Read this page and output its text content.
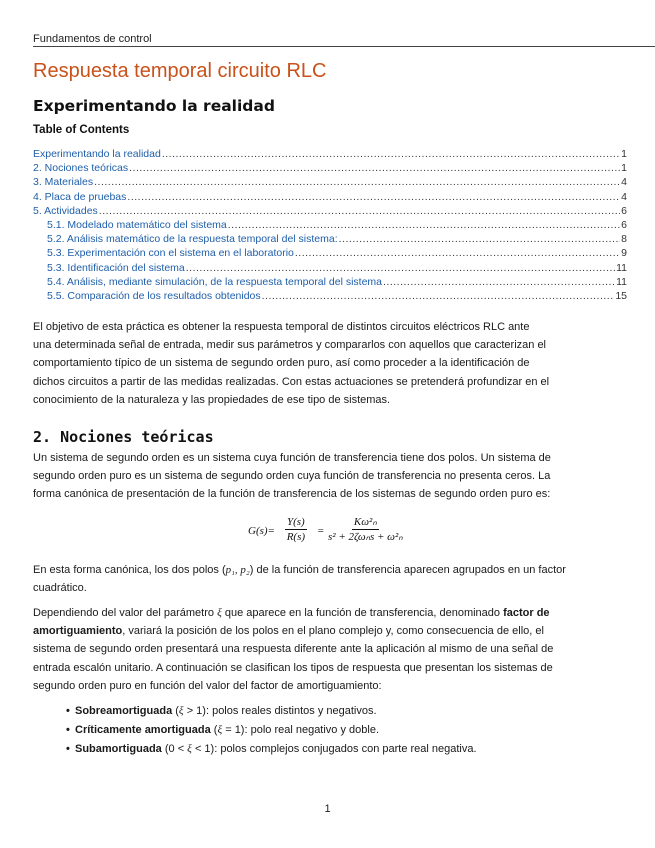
Fundamentos de control
Respuesta temporal circuito RLC
Experimentando la realidad
Table of Contents
Experimentando la realidad .....	1
2. Nociones teóricas .....	1
3. Materiales .....	4
4. Placa de pruebas .....	4
5. Actividades .....	6
5.1. Modelado matemático del sistema .....	6
5.2. Análisis matemático de la respuesta temporal del sistema: .....	8
5.3. Experimentación con el sistema en el laboratorio .....	9
5.3. Identificación del sistema .....	11
5.4. Análisis, mediante simulación, de la respuesta temporal del sistema .....	11
5.5. Comparación de los resultados obtenidos .....	15

El objetivo de esta práctica es obtener la respuesta temporal de distintos circuitos eléctricos RLC ante
una determinada señal de entrada, medir sus parámetros y compararlos con aquellos que caracterizan el
comportamiento típico de un sistema de segundo orden puro, así como proceder a la identificación de
dichos circuitos a partir de las medidas realizadas. Con estas actuaciones se pretenderá profundizar en el
conocimiento de la naturaleza y las propiedades de ese tipo de sistemas.

2. Nociones teóricas

Un sistema de segundo orden es un sistema cuya función de transferencia tiene dos polos. Un sistema de
segundo orden puro es un sistema de segundo orden cuya función de transferencia no presenta ceros. La
forma canónica de presentación de la función de transferencia de los sistemas de segundo orden puro es:

$G(s)= \frac{Y(s)}{R(s)}$ =
Kω²ₙ
s² + 2ζωₙs + ω²ₙ

En esta forma canónica, los dos polos (p₁, p₂) de la función de transferencia aparecen agrupados en un factor
cuadrático.

Dependiendo del valor del parámetro ξ que aparece en la función de transferencia, denominado factor de
amortiguamiento, variará la posición de los polos en el plano complejo y, como consecuencia de ello, el
sistema de segundo orden presentará una respuesta diferente ante la aplicación al mismo de una señal de
entrada escalón unitario. A continuación se clasifican los tipos de respuesta que presentan los sistemas de
segundo orden puro en función del valor del factor de amortiguamiento:

• Sobreamortiguada (ξ > 1): polos reales distintos y negativos.
• Críticamente amortiguada (ξ = 1): polo real negativo y doble.
• Subamortiguada (0 < ξ < 1): polos complejos conjugados con parte real negativa.
1
